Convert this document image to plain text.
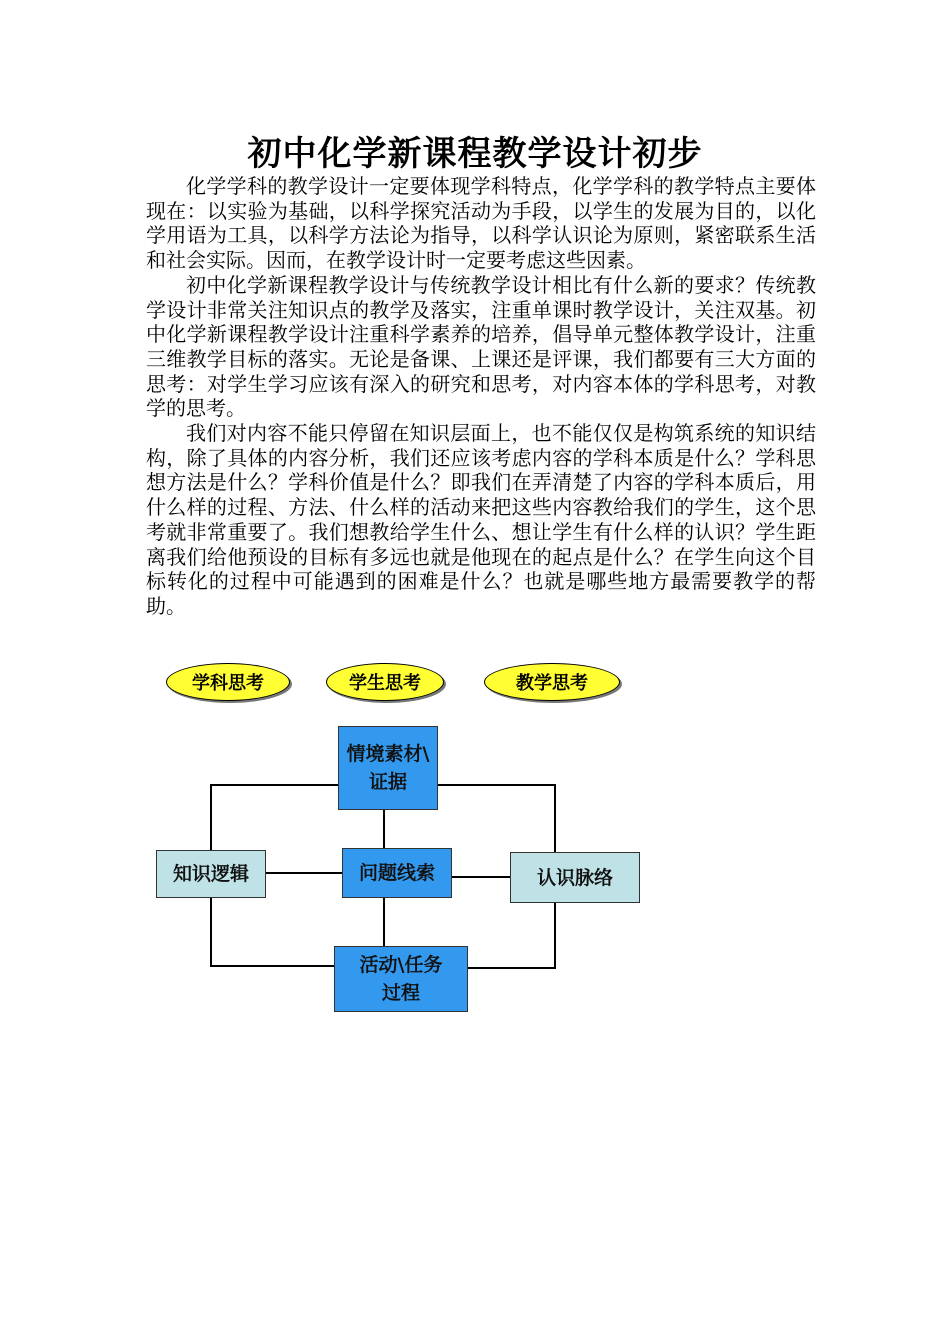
初中化学新课程教学设计初步

化学学科的教学设计一定要体现学科特点，化学学科的教学特点主要体现在：以实验为基础，以科学探究活动为手段，以学生的发展为目的，以化学用语为工具，以科学方法论为指导，以科学认识论为原则，紧密联系生活和社会实际。因而，在教学设计时一定要考虑这些因素。

初中化学新课程教学设计与传统教学设计相比有什么新的要求？传统教学设计非常关注知识点的教学及落实，注重单课时教学设计，关注双基。初中化学新课程教学设计注重科学素养的培养，倡导单元整体教学设计，注重三维教学目标的落实。无论是备课、上课还是评课，我们都要有三大方面的思考：对学生学习应该有深入的研究和思考，对内容本体的学科思考，对教学的思考。

我们对内容不能只停留在知识层面上，也不能仅仅是构筑系统的知识结构，除了具体的内容分析，我们还应该考虑内容的学科本质是什么？学科思想方法是什么？学科价值是什么？即我们在弄清楚了内容的学科本质后，用什么样的过程、方法、什么样的活动来把这些内容教给我们的学生，这个思考就非常重要了。我们想教给学生什么、想让学生有什么样的认识？学生距离我们给他预设的目标有多远也就是他现在的起点是什么？在学生向这个目标转化的过程中可能遇到的困难是什么？也就是哪些地方最需要教学的帮助。

学科思考	学生思考	教学思考
情境素材\
证据
知识逻辑	问题线索	认识脉络
活动\任务
过程
